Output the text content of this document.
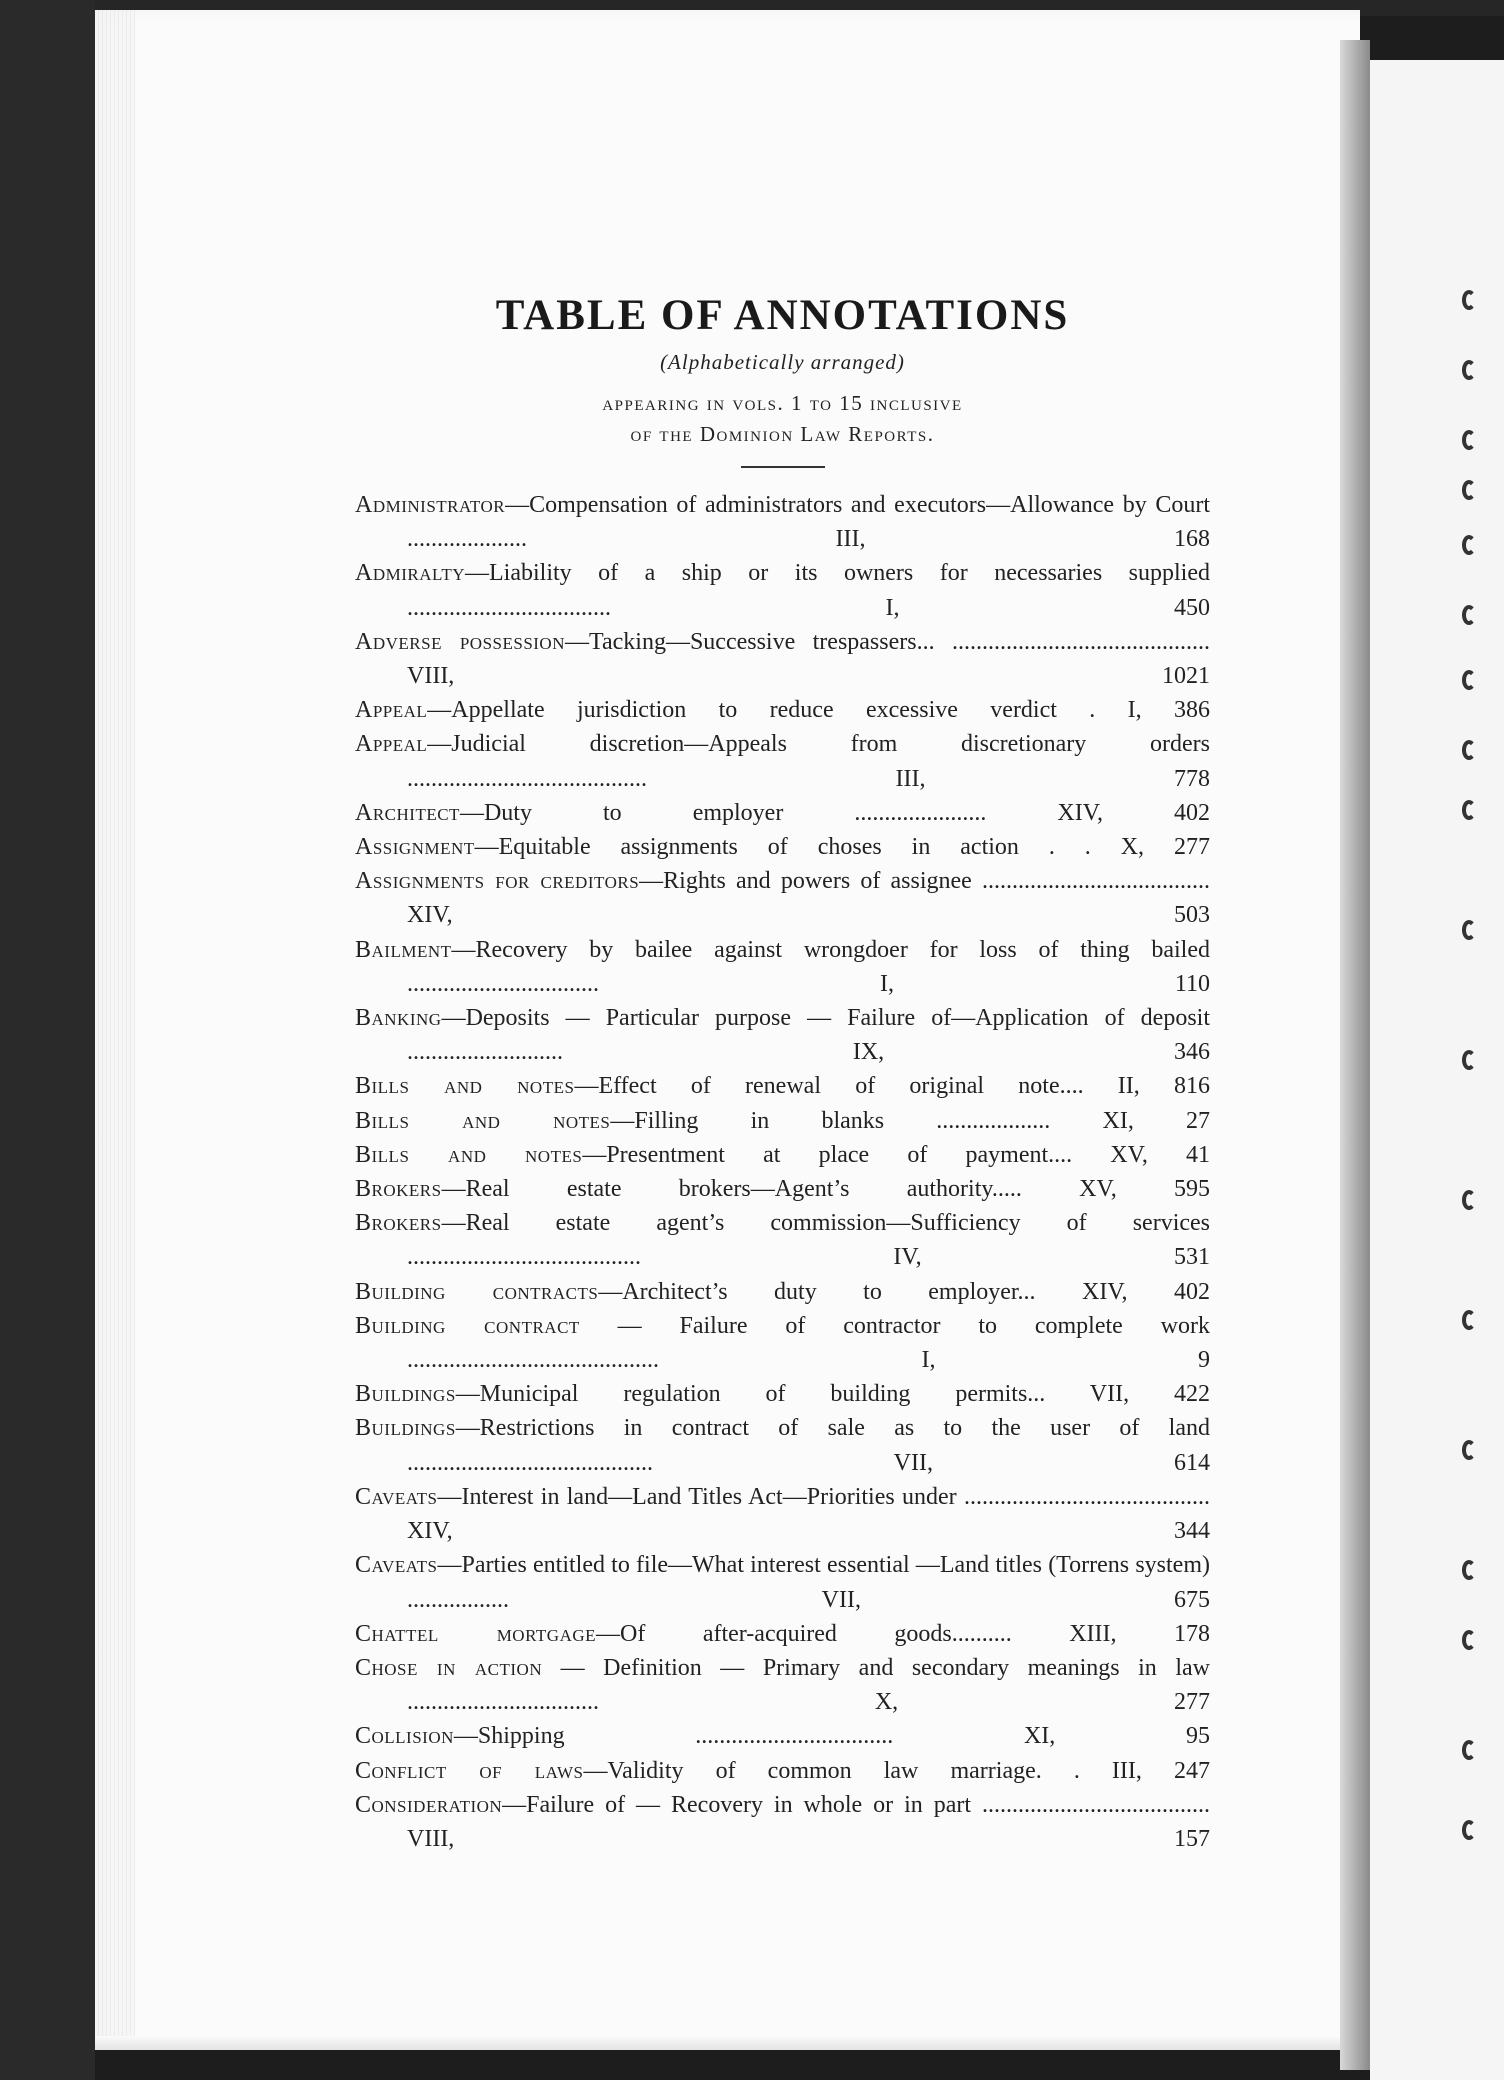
TABLE OF ANNOTATIONS
(Alphabetically arranged)
appearing in vols. 1 to 15 inclusive
of the Dominion Law Reports.
Administrator—Compensation of administrators and executors—Allowance by Court .................... III, 168
Admiralty—Liability of a ship or its owners for necessaries supplied .................................. I, 450
Adverse possession—Tacking—Successive trespassers... ........................................... VIII, 1021
Appeal—Appellate jurisdiction to reduce excessive verdict . I, 386
Appeal—Judicial discretion—Appeals from discretionary orders ........................................ III, 778
Architect—Duty to employer ...................... XIV, 402
Assignment—Equitable assignments of choses in action . . X, 277
Assignments for creditors—Rights and powers of assignee ...................................... XIV, 503
Bailment—Recovery by bailee against wrongdoer for loss of thing bailed ................................ I, 110
Banking—Deposits — Particular purpose — Failure of—Application of deposit .......................... IX, 346
Bills and notes—Effect of renewal of original note.... II, 816
Bills and notes—Filling in blanks ................... XI, 27
Bills and notes—Presentment at place of payment.... XV, 41
Brokers—Real estate brokers—Agent’s authority..... XV, 595
Brokers—Real estate agent’s commission—Sufficiency of services ....................................... IV, 531
Building contracts—Architect’s duty to employer... XIV, 402
Building contract — Failure of contractor to complete work .......................................... I, 9
Buildings—Municipal regulation of building permits... VII, 422
Buildings—Restrictions in contract of sale as to the user of land ......................................... VII, 614
Caveats—Interest in land—Land Titles Act—Priorities under ......................................... XIV, 344
Caveats—Parties entitled to file—What interest essential —Land titles (Torrens system) ................. VII, 675
Chattel mortgage—Of after-acquired goods.......... XIII, 178
Chose in action — Definition — Primary and secondary meanings in law ................................ X, 277
Collision—Shipping ................................. XI, 95
Conflict of laws—Validity of common law marriage. . III, 247
Consideration—Failure of — Recovery in whole or in part ...................................... VIII, 157
